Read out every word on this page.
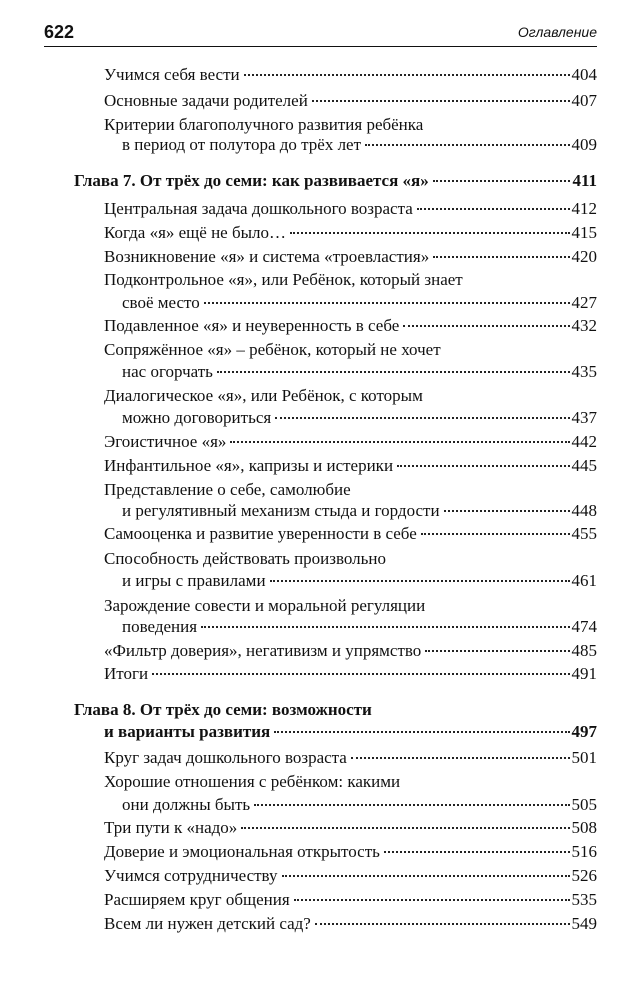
622	Оглавление
Учимся себя вести	404
Основные задачи родителей	407
Критерии благополучного развития ребёнка
в период от полутора до трёх лет	409
Глава 7. От трёх до семи: как развивается «я»	411
Центральная задача дошкольного возраста	412
Когда «я» ещё не было…	415
Возникновение «я» и система «троевластия»	420
Подконтрольное «я», или Ребёнок, который знает
своё место	427
Подавленное «я» и неуверенность в себе	432
Сопряжённое «я» – ребёнок, который не хочет
нас огорчать	435
Диалогическое «я», или Ребёнок, с которым
можно договориться	437
Эгоистичное «я»	442
Инфантильное «я», капризы и истерики	445
Представление о себе, самолюбие
и регулятивный механизм стыда и гордости	448
Самооценка и развитие уверенности в себе	455
Способность действовать произвольно
и игры с правилами	461
Зарождение совести и моральной регуляции
поведения	474
«Фильтр доверия», негативизм и упрямство	485
Итоги	491
Глава 8. От трёх до семи: возможности
и варианты развития	497
Круг задач дошкольного возраста	501
Хорошие отношения с ребёнком: какими
они должны быть	505
Три пути к «надо»	508
Доверие и эмоциональная открытость	516
Учимся сотрудничеству	526
Расширяем круг общения	535
Всем ли нужен детский сад?	549
